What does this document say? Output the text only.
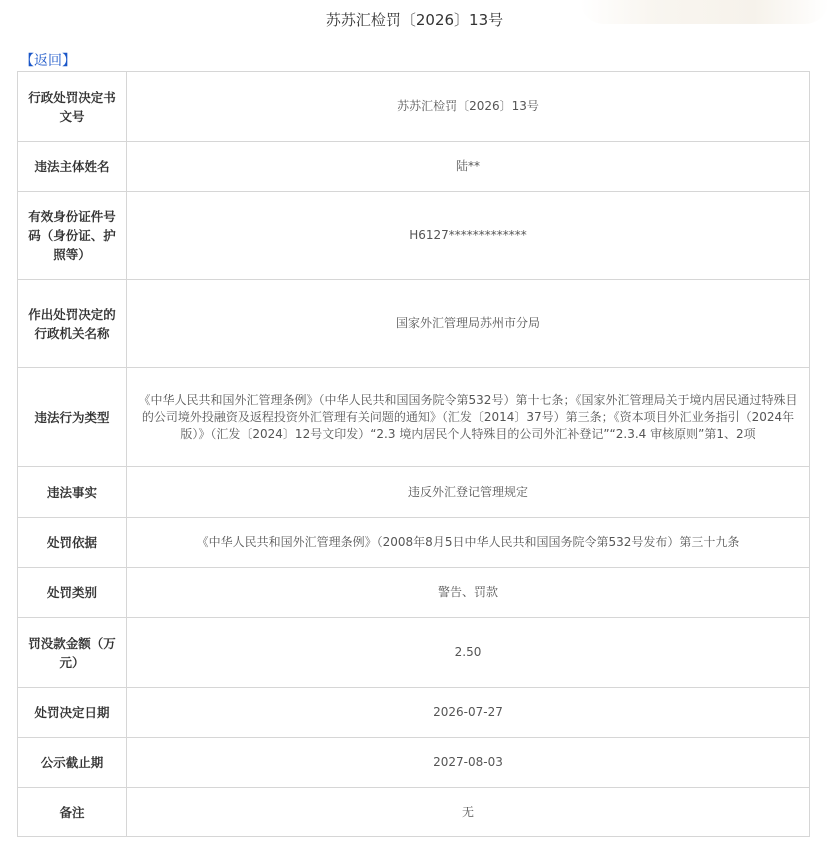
苏苏汇检罚〔2026〕13号
【返回】
行政处罚决定书文号	苏苏汇检罚〔2026〕13号

违法主体姓名	陆**

有效身份证件号码（身份证、护照等）	H6127*************

作出处罚决定的行政机关名称	国家外汇管理局苏州市分局

违法行为类型	《中华人民共和国外汇管理条例》（中华人民共和国国务院令第532号）第十七条；《国家外汇管理局关于境内居民通过特殊目的公司境外投融资及返程投资外汇管理有关问题的通知》（汇发〔2014〕37号）第三条；《资本项目外汇业务指引（2024年版）》（汇发〔2024〕12号文印发）“2.3 境内居民个人特殊目的公司外汇补登记”“2.3.4 审核原则”第1、2项

违法事实	违反外汇登记管理规定

处罚依据	《中华人民共和国外汇管理条例》（2008年8月5日中华人民共和国国务院令第532号发布）第三十九条

处罚类别	警告、罚款

罚没款金额（万元）	2.50

处罚决定日期	2026-07-27

公示截止期	2027-08-03

备注	无
